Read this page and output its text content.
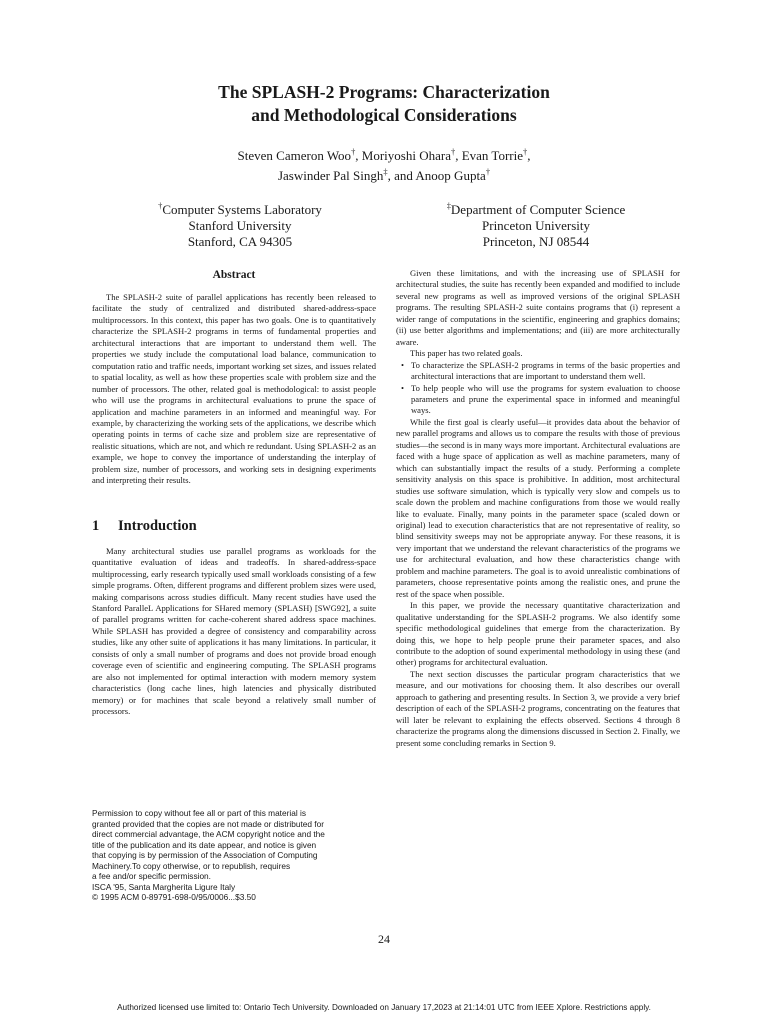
The SPLASH-2 Programs: Characterization
and Methodological Considerations
Steven Cameron Woo†, Moriyoshi Ohara†, Evan Torrie†,
Jaswinder Pal Singh‡, and Anoop Gupta†
†Computer Systems Laboratory
Stanford University
Stanford, CA 94305
‡Department of Computer Science
Princeton University
Princeton, NJ 08544
Abstract

The SPLASH-2 suite of parallel applications has recently been released to facilitate the study of centralized and distributed shared-address-space multiprocessors. In this context, this paper has two goals. One is to quantitatively characterize the SPLASH-2 programs in terms of fundamental properties and architectural interactions that are important to understand them well. The properties we study include the computational load balance, communication to computation ratio and traffic needs, important working set sizes, and issues related to spatial locality, as well as how these properties scale with problem size and the number of processors. The other, related goal is methodological: to assist people who will use the programs in architectural evaluations to prune the space of application and machine parameters in an informed and meaningful way. For example, by characterizing the working sets of the applications, we describe which operating points in terms of cache size and problem size are representative of realistic situations, which are not, and which re redundant. Using SPLASH-2 as an example, we hope to convey the importance of understanding the interplay of problem size, number of processors, and working sets in designing experiments and interpreting their results.

1 Introduction

Many architectural studies use parallel programs as workloads for the quantitative evaluation of ideas and tradeoffs. In shared-address-space multiprocessing, early research typically used small workloads consisting of a few simple programs. Often, different programs and different problem sizes were used, making comparisons across studies difficult. Many recent studies have used the Stanford ParalleL Applications for SHared memory (SPLASH) [SWG92], a suite of parallel programs written for cache-coherent shared address space machines. While SPLASH has provided a degree of consistency and comparability across studies, like any other suite of applications it has many limitations. In particular, it consists of only a small number of programs and does not provide broad enough coverage even of scientific and engineering computing. The SPLASH programs are also not implemented for optimal interaction with modern memory system characteristics (long cache lines, high latencies and physically distributed memory) or for machines that scale beyond a relatively small number of processors.

Permission to copy without fee all or part of this material is
granted provided that the copies are not made or distributed for
direct commercial advantage, the ACM copyright notice and the
title of the publication and its date appear, and notice is given
that copying is by permission of the Association of Computing
Machinery.To copy otherwise, or to republish, requires
a fee and/or specific permission.
ISCA '95, Santa Margherita Ligure Italy
© 1995 ACM 0-89791-698-0/95/0006...$3.50

Given these limitations, and with the increasing use of SPLASH for architectural studies, the suite has recently been expanded and modified to include several new programs as well as improved versions of the original SPLASH programs. The resulting SPLASH-2 suite contains programs that (i) represent a wider range of computations in the scientific, engineering and graphics domains; (ii) use better algorithms and implementations; and (iii) are more architecturally aware.

This paper has two related goals.

• To characterize the SPLASH-2 programs in terms of the basic properties and architectural interactions that are important to understand them well.
• To help people who will use the programs for system evaluation to choose parameters and prune the experimental space in informed and meaningful ways.

While the first goal is clearly useful—it provides data about the behavior of new parallel programs and allows us to compare the results with those of previous studies—the second is in many ways more important. Architectural evaluations are faced with a huge space of application as well as machine parameters, many of which can substantially impact the results of a study. Performing a complete sensitivity analysis on this space is prohibitive. In addition, most architectural studies use software simulation, which is typically very slow and compels us to scale down the problem and machine configurations from those we would really like to evaluate. Finally, many points in the parameter space (scaled down or original) lead to execution characteristics that are not representative of reality, so blind sensitivity sweeps may not be appropriate anyway. For these reasons, it is very important that we understand the relevant characteristics of the programs we use for architectural evaluation, and how these characteristics change with problem and machine parameters. The goal is to avoid unrealistic combinations of parameters, choose representative points among the realistic ones, and prune the rest of the space when possible.

In this paper, we provide the necessary quantitative characterization and qualitative understanding for the SPLASH-2 programs. We also identify some specific methodological guidelines that emerge from the characterization. By doing this, we hope to help people prune their parameter spaces, and also contribute to the adoption of sound experimental methodology in using these (and other) programs for architectural evaluation.

The next section discusses the particular program characteristics that we measure, and our motivations for choosing them. It also describes our overall approach to gathering and presenting results. In Section 3, we provide a very brief description of each of the SPLASH-2 programs, concentrating on the features that will later be relevant to explaining the effects observed. Sections 4 through 8 characterize the programs along the dimensions discussed in Section 2. Finally, we present some concluding remarks in Section 9.

24
Authorized licensed use limited to: Ontario Tech University. Downloaded on January 17,2023 at 21:14:01 UTC from IEEE Xplore. Restrictions apply.
